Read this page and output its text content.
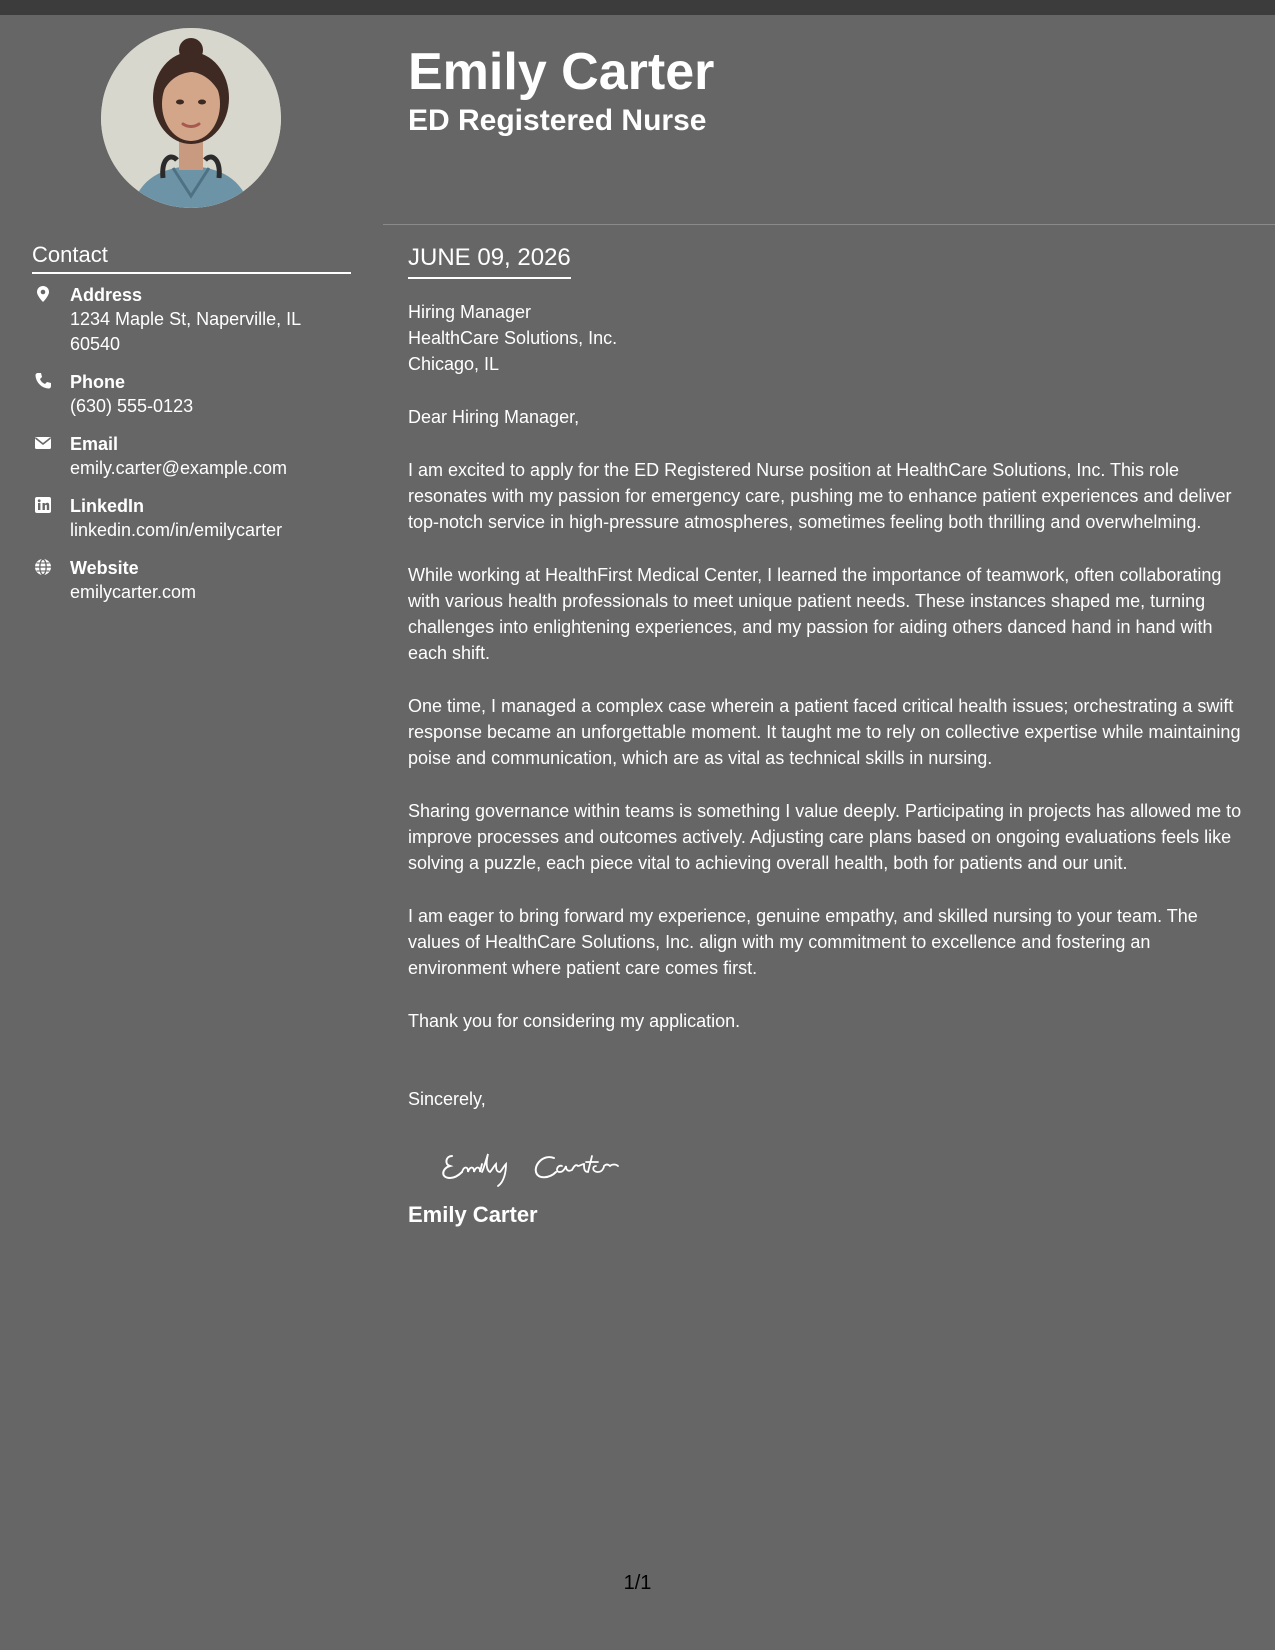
Contact
Address
1234 Maple St, Naperville, IL 60540
Phone
(630) 555-0123
Email
emily.carter@example.com
LinkedIn
linkedin.com/in/emilycarter
Website
emilycarter.com
Emily Carter
ED Registered Nurse
JUNE 09, 2026
Hiring Manager
HealthCare Solutions, Inc.
Chicago, IL
Dear Hiring Manager,

I am excited to apply for the ED Registered Nurse position at HealthCare Solutions, Inc. This role resonates with my passion for emergency care, pushing me to enhance patient experiences and deliver top-notch service in high-pressure atmospheres, sometimes feeling both thrilling and overwhelming.

While working at HealthFirst Medical Center, I learned the importance of teamwork, often collaborating with various health professionals to meet unique patient needs. These instances shaped me, turning challenges into enlightening experiences, and my passion for aiding others danced hand in hand with each shift.

One time, I managed a complex case wherein a patient faced critical health issues; orchestrating a swift response became an unforgettable moment. It taught me to rely on collective expertise while maintaining poise and communication, which are as vital as technical skills in nursing.

Sharing governance within teams is something I value deeply. Participating in projects has allowed me to improve processes and outcomes actively. Adjusting care plans based on ongoing evaluations feels like solving a puzzle, each piece vital to achieving overall health, both for patients and our unit.

I am eager to bring forward my experience, genuine empathy, and skilled nursing to your team. The values of HealthCare Solutions, Inc. align with my commitment to excellence and fostering an environment where patient care comes first.

Thank you for considering my application.

Sincerely,
Emily Carter
1/1
